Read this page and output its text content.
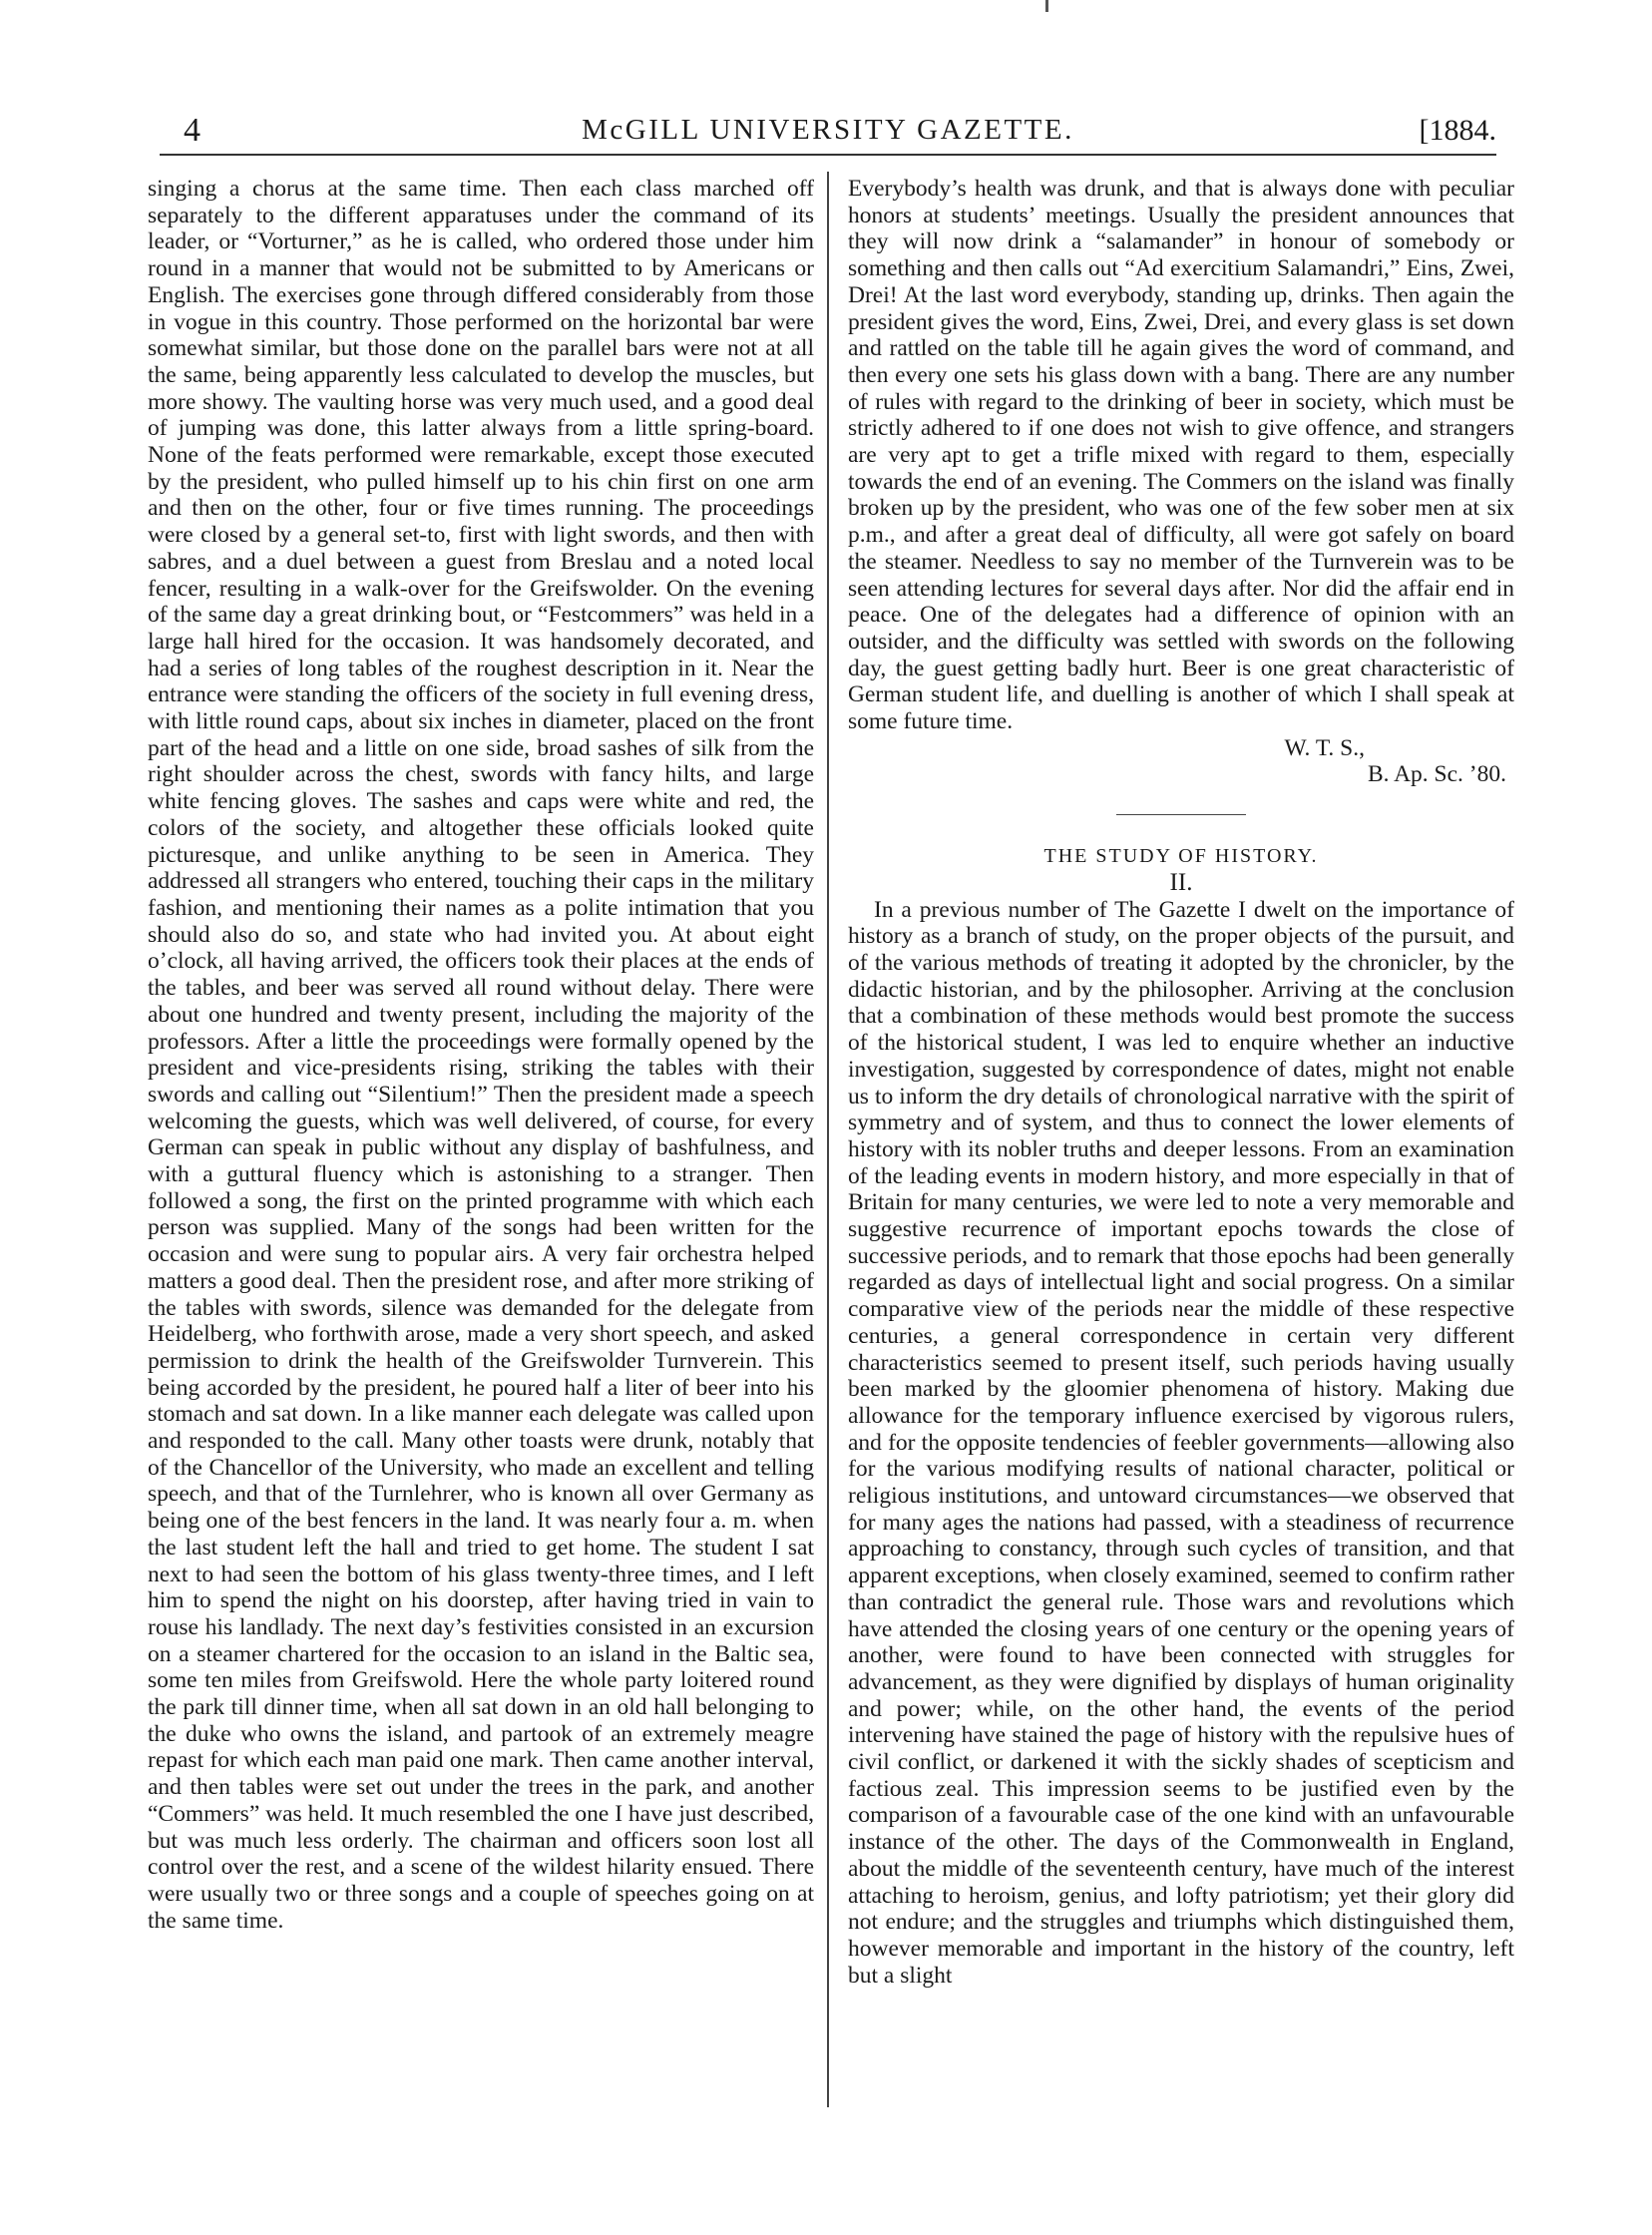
4	McGILL UNIVERSITY GAZETTE.	[1884.

singing a chorus at the same time. Then each class marched off separately to the different apparatuses under the command of its leader, or “Vorturner,” as he is called, who ordered those under him round in a manner that would not be submitted to by Americans or English. The exercises gone through differed considerably from those in vogue in this country. Those performed on the horizontal bar were somewhat similar, but those done on the parallel bars were not at all the same, being apparently less calculated to develop the muscles, but more showy. The vaulting horse was very much used, and a good deal of jumping was done, this latter always from a little spring-board. None of the feats performed were remarkable, except those executed by the president, who pulled himself up to his chin first on one arm and then on the other, four or five times running. The proceedings were closed by a general set-to, first with light swords, and then with sabres, and a duel between a guest from Breslau and a noted local fencer, resulting in a walk-over for the Greifswolder. On the evening of the same day a great drinking bout, or “Festcommers” was held in a large hall hired for the occasion. It was handsomely decorated, and had a series of long tables of the roughest description in it. Near the entrance were standing the officers of the society in full evening dress, with little round caps, about six inches in diameter, placed on the front part of the head and a little on one side, broad sashes of silk from the right shoulder across the chest, swords with fancy hilts, and large white fencing gloves. The sashes and caps were white and red, the colors of the society, and altogether these officials looked quite picturesque, and unlike anything to be seen in America. They addressed all strangers who entered, touching their caps in the military fashion, and mentioning their names as a polite intimation that you should also do so, and state who had invited you. At about eight o’clock, all having arrived, the officers took their places at the ends of the tables, and beer was served all round without delay. There were about one hundred and twenty present, including the majority of the professors. After a little the proceedings were formally opened by the president and vice-presidents rising, striking the tables with their swords and calling out “Silentium!” Then the president made a speech welcoming the guests, which was well delivered, of course, for every German can speak in public without any display of bashfulness, and with a guttural fluency which is astonishing to a stranger. Then followed a song, the first on the printed programme with which each person was supplied. Many of the songs had been written for the occasion and were sung to popular airs. A very fair orchestra helped matters a good deal. Then the president rose, and after more striking of the tables with swords, silence was demanded for the delegate from Heidelberg, who forthwith arose, made a very short speech, and asked permission to drink the health of the Greifswolder Turnverein. This being accorded by the president, he poured half a liter of beer into his stomach and sat down. In a like manner each delegate was called upon and responded to the call. Many other toasts were drunk, notably that of the Chancellor of the University, who made an excellent and telling speech, and that of the Turnlehrer, who is known all over Germany as being one of the best fencers in the land. It was nearly four a. m. when the last student left the hall and tried to get home. The student I sat next to had seen the bottom of his glass twenty-three times, and I left him to spend the night on his doorstep, after having tried in vain to rouse his landlady. The next day’s festivities consisted in an excursion on a steamer chartered for the occasion to an island in the Baltic sea, some ten miles from Greifswold. Here the whole party loitered round the park till dinner time, when all sat down in an old hall belonging to the duke who owns the island, and partook of an extremely meagre repast for which each man paid one mark. Then came another interval, and then tables were set out under the trees in the park, and another “Commers” was held. It much resembled the one I have just described, but was much less orderly. The chairman and officers soon lost all control over the rest, and a scene of the wildest hilarity ensued. There were usually two or three songs and a couple of speeches going on at the same time.

Everybody’s health was drunk, and that is always done with peculiar honors at students’ meetings. Usually the president announces that they will now drink a “salamander” in honour of somebody or something and then calls out “Ad exercitium Salamandri,” Eins, Zwei, Drei! At the last word everybody, standing up, drinks. Then again the president gives the word, Eins, Zwei, Drei, and every glass is set down and rattled on the table till he again gives the word of command, and then every one sets his glass down with a bang. There are any number of rules with regard to the drinking of beer in society, which must be strictly adhered to if one does not wish to give offence, and strangers are very apt to get a trifle mixed with regard to them, especially towards the end of an evening. The Commers on the island was finally broken up by the president, who was one of the few sober men at six p.m., and after a great deal of difficulty, all were got safely on board the steamer. Needless to say no member of the Turnverein was to be seen attending lectures for several days after. Nor did the affair end in peace. One of the delegates had a difference of opinion with an outsider, and the difficulty was settled with swords on the following day, the guest getting badly hurt. Beer is one great characteristic of German student life, and duelling is another of which I shall speak at some future time.

W. T. S.,

B. Ap. Sc. ’80.

THE STUDY OF HISTORY.

II.

In a previous number of The Gazette I dwelt on the importance of history as a branch of study, on the proper objects of the pursuit, and of the various methods of treating it adopted by the chronicler, by the didactic historian, and by the philosopher. Arriving at the conclusion that a combination of these methods would best promote the success of the historical student, I was led to enquire whether an inductive investigation, suggested by correspondence of dates, might not enable us to inform the dry details of chronological narrative with the spirit of symmetry and of system, and thus to connect the lower elements of history with its nobler truths and deeper lessons. From an examination of the leading events in modern history, and more especially in that of Britain for many centuries, we were led to note a very memorable and suggestive recurrence of important epochs towards the close of successive periods, and to remark that those epochs had been generally regarded as days of intellectual light and social progress. On a similar comparative view of the periods near the middle of these respective centuries, a general correspondence in certain very different characteristics seemed to present itself, such periods having usually been marked by the gloomier phenomena of history. Making due allowance for the temporary influence exercised by vigorous rulers, and for the opposite tendencies of feebler governments—allowing also for the various modifying results of national character, political or religious institutions, and untoward circumstances—we observed that for many ages the nations had passed, with a steadiness of recurrence approaching to constancy, through such cycles of transition, and that apparent exceptions, when closely examined, seemed to confirm rather than contradict the general rule. Those wars and revolutions which have attended the closing years of one century or the opening years of another, were found to have been connected with struggles for advancement, as they were dignified by displays of human originality and power; while, on the other hand, the events of the period intervening have stained the page of history with the repulsive hues of civil conflict, or darkened it with the sickly shades of scepticism and factious zeal. This impression seems to be justified even by the comparison of a favourable case of the one kind with an unfavourable instance of the other. The days of the Commonwealth in England, about the middle of the seventeenth century, have much of the interest attaching to heroism, genius, and lofty patriotism; yet their glory did not endure; and the struggles and triumphs which distinguished them, however memorable and important in the history of the country, left but a slight
